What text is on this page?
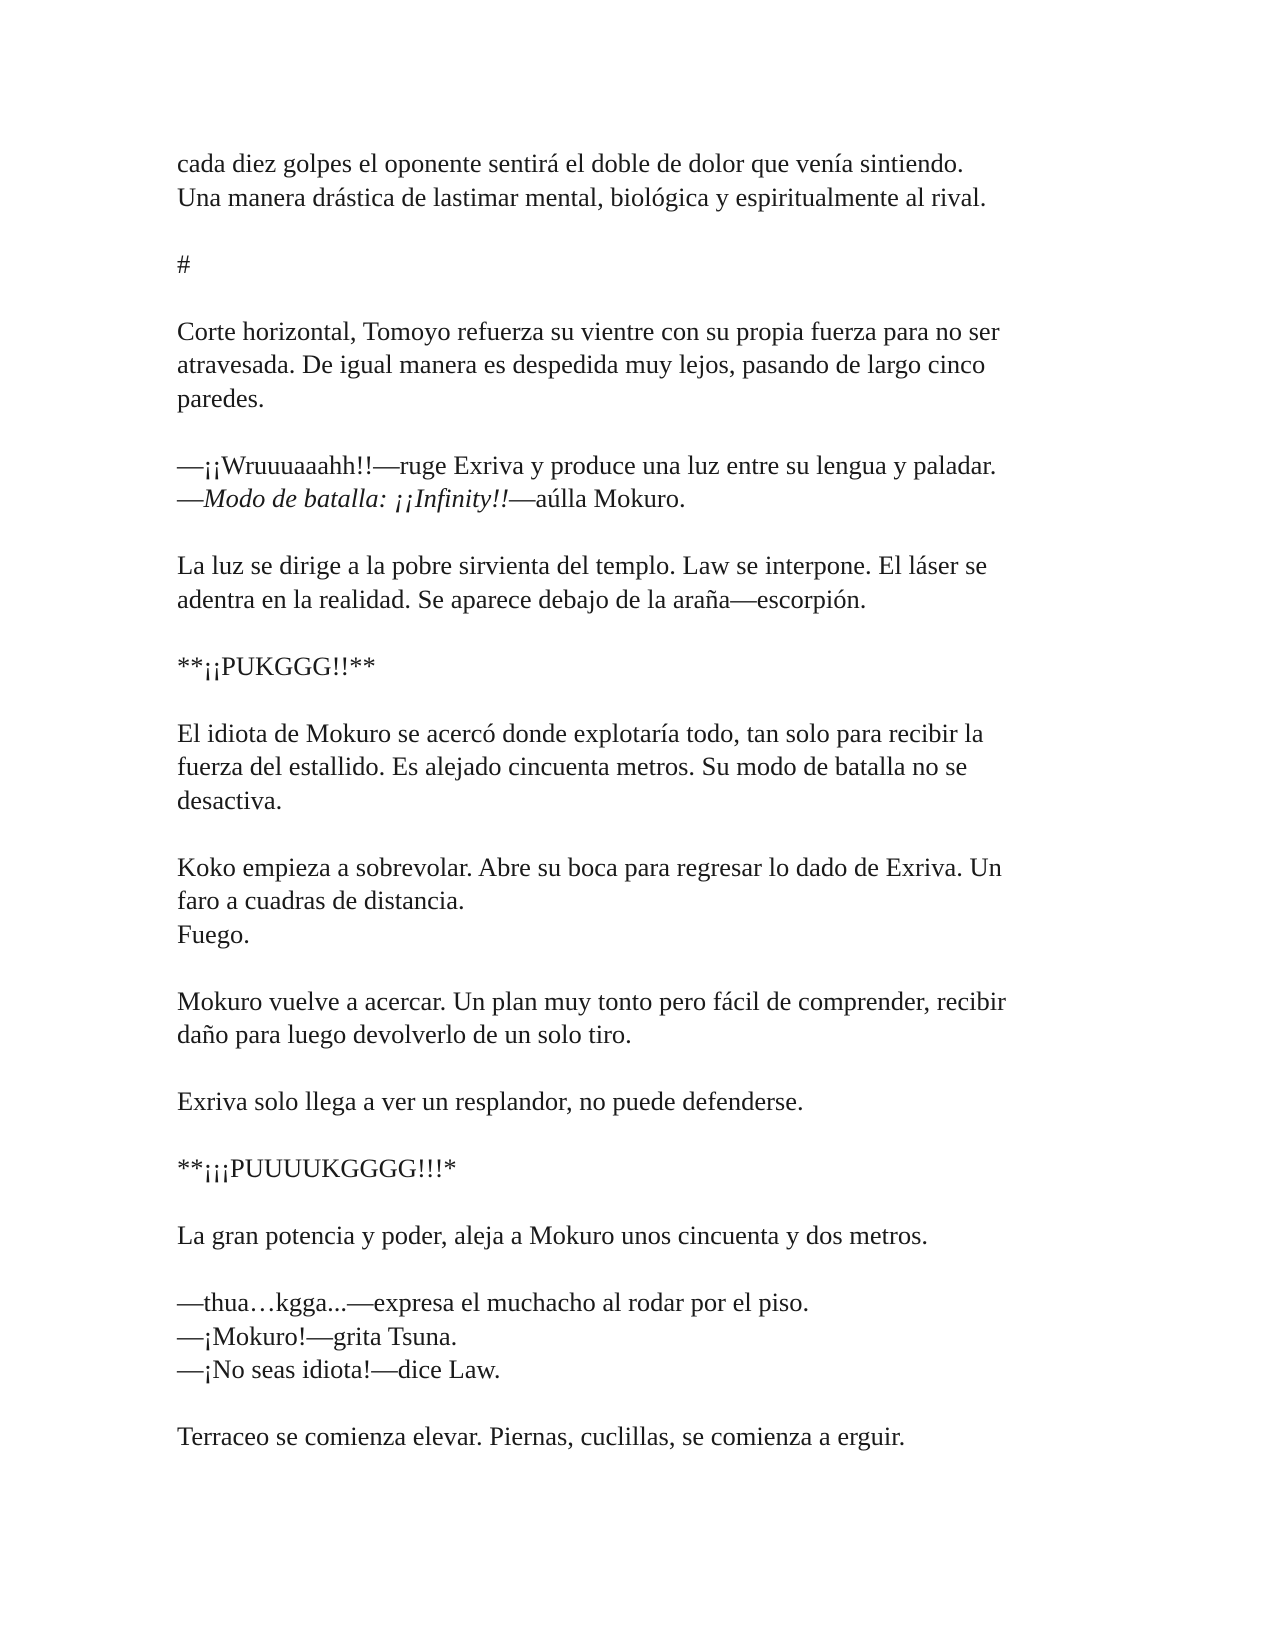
cada diez golpes el oponente sentirá el doble de dolor que venía sintiendo.
Una manera drástica de lastimar mental, biológica y espiritualmente al rival.
#
Corte horizontal, Tomoyo refuerza su vientre con su propia fuerza para no ser
atravesada. De igual manera es despedida muy lejos, pasando de largo cinco
paredes.
—¡¡Wruuuaaahh!!—ruge Exriva y produce una luz entre su lengua y paladar.
—Modo de batalla: ¡¡Infinity!!—aúlla Mokuro.
La luz se dirige a la pobre sirvienta del templo. Law se interpone. El láser se
adentra en la realidad. Se aparece debajo de la araña—escorpión.
**¡¡PUKGGG!!**
El idiota de Mokuro se acercó donde explotaría todo, tan solo para recibir la
fuerza del estallido. Es alejado cincuenta metros. Su modo de batalla no se
desactiva.
Koko empieza a sobrevolar. Abre su boca para regresar lo dado de Exriva. Un
faro a cuadras de distancia.
Fuego.
Mokuro vuelve a acercar. Un plan muy tonto pero fácil de comprender, recibir
daño para luego devolverlo de un solo tiro.
Exriva solo llega a ver un resplandor, no puede defenderse.
**¡¡¡PUUUUKGGGG!!!*
La gran potencia y poder, aleja a Mokuro unos cincuenta y dos metros.
—thua…kgga...—expresa el muchacho al rodar por el piso.
—¡Mokuro!—grita Tsuna.
—¡No seas idiota!—dice Law.
Terraceo se comienza elevar. Piernas, cuclillas, se comienza a erguir.
